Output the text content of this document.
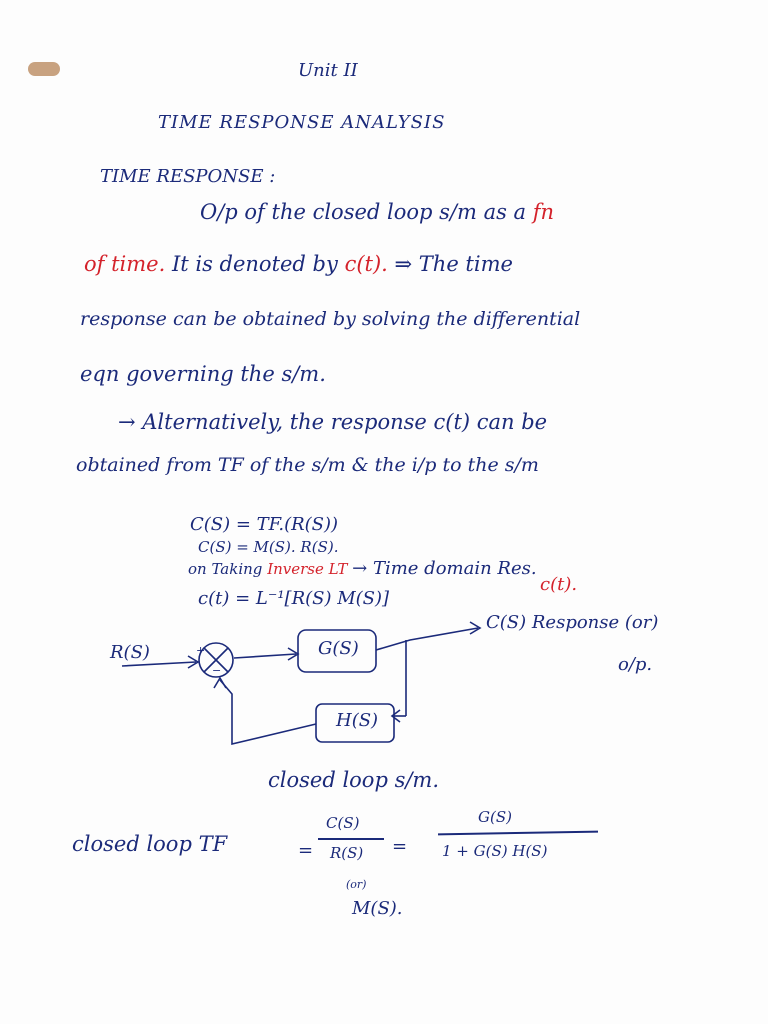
Unit II
TIME RESPONSE ANALYSIS
TIME RESPONSE :
O/p of the closed loop s/m as a fn
of time. It is denoted by c(t). ⇒ The time
response can be obtained by solving the differential
eqn governing the s/m.
→ Alternatively, the response c(t) can be
obtained from TF of the s/m & the i/p to the s/m
C(S) = TF.(R(S))
C(S) = M(S). R(S).
on Taking Inverse LT → Time domain Res.
c(t).
c(t) = L⁻¹[R(S) M(S)]
R(S)	+
−
G(S)
H(S)
C(S) Response (or)
o/p.
closed loop s/m.
closed loop TF	=
C(S)
R(S) =
G(S)
1 + G(S) H(S)
(or)
M(S).
